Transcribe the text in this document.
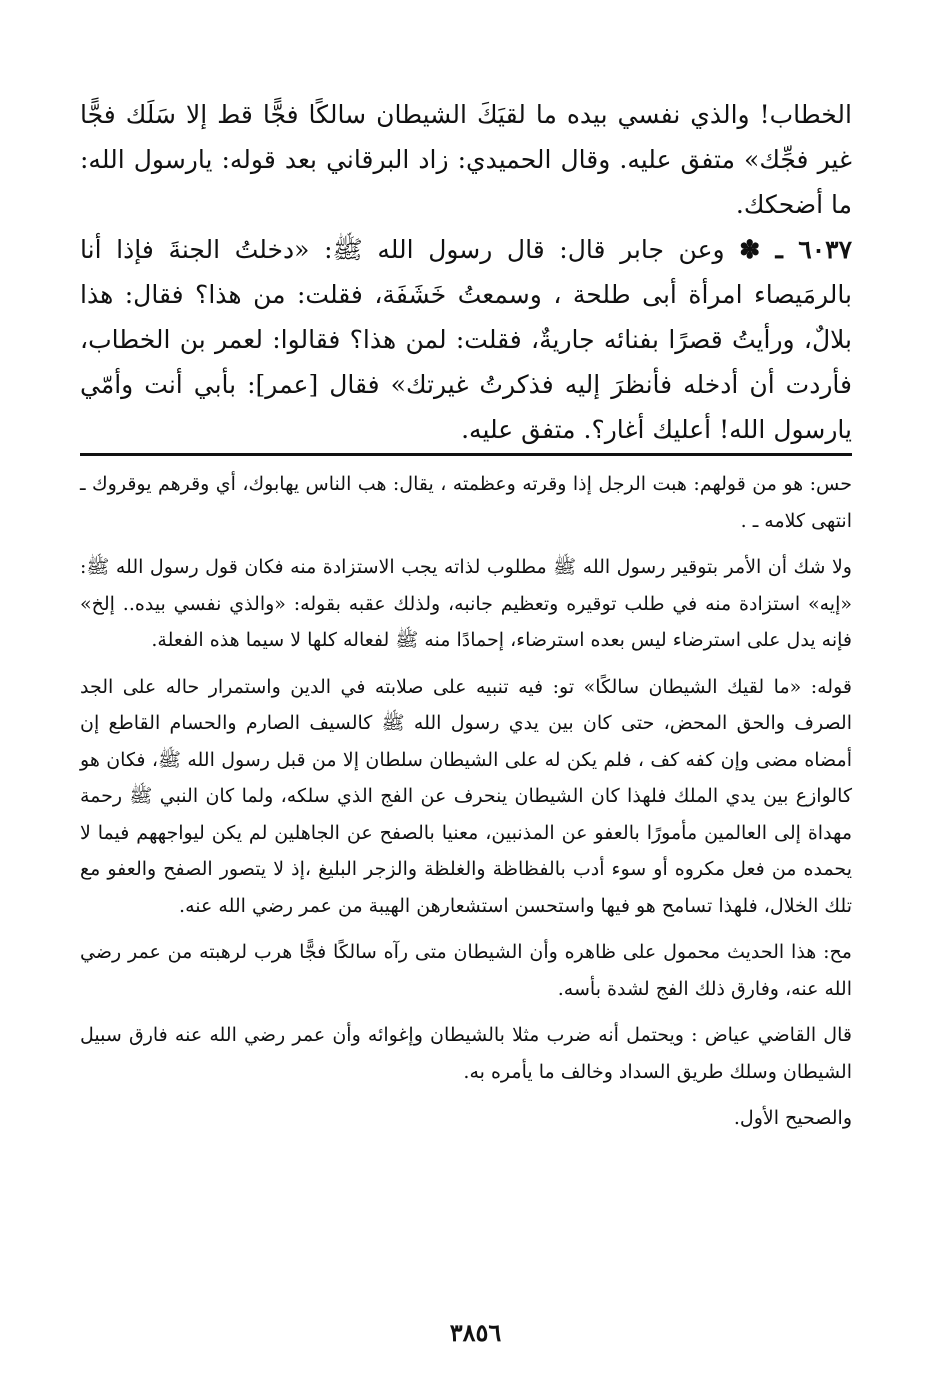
الخطاب! والذي نفسي بيده ما لقيَكَ الشيطان سالكًا فجًّا قط إلا سَلَك فجًّا غير فجِّك» متفق عليه. وقال الحميدي: زاد البرقاني بعد قوله: يارسول الله: ما أضحكك.

٦٠٣٧ ـ ✽ وعن جابر قال: قال رسول الله ﷺ: «دخلتُ الجنةَ فإذا أنا بالرمَيصاء امرأة أبى طلحة ، وسمعتُ خَشَفَة، فقلت: من هذا؟ فقال: هذا بلالٌ، ورأيتُ قصرًا بفنائه جاريةٌ، فقلت: لمن هذا؟ فقالوا: لعمر بن الخطاب، فأردت أن أدخله فأنظرَ إليه فذكرتُ غيرتك» فقال [عمر]: بأبي أنت وأمّي يارسول الله! أعليك أغار؟. متفق عليه.

حس: هو من قولهم: هبت الرجل إذا وقرته وعظمته ، يقال: هب الناس يهابوك، أي وقرهم يوقروك ـ انتهى كلامه ـ .

ولا شك أن الأمر بتوقير رسول الله ﷺ مطلوب لذاته يجب الاستزادة منه فكان قول رسول الله ﷺ: «إيه» استزادة منه في طلب توقيره وتعظيم جانبه، ولذلك عقبه بقوله: «والذي نفسي بيده.. إلخ» فإنه يدل على استرضاء ليس بعده استرضاء، إحمادًا منه ﷺ لفعاله كلها لا سيما هذه الفعلة.

قوله: «ما لقيك الشيطان سالكًا» تو: فيه تنبيه على صلابته في الدين واستمرار حاله على الجد الصرف والحق المحض، حتى كان بين يدي رسول الله ﷺ كالسيف الصارم والحسام القاطع إن أمضاه مضى وإن كفه كف ، فلم يكن له على الشيطان سلطان إلا من قبل رسول الله ﷺ، فكان هو كالوازع بين يدي الملك فلهذا كان الشيطان ينحرف عن الفج الذي سلكه، ولما كان النبي ﷺ رحمة مهداة إلى العالمين مأمورًا بالعفو عن المذنبين، معنيا بالصفح عن الجاهلين لم يكن ليواجههم فيما لا يحمده من فعل مكروه أو سوء أدب بالفظاظة والغلظة والزجر البليغ ،إذ لا يتصور الصفح والعفو مع تلك الخلال، فلهذا تسامح هو فيها واستحسن استشعارهن الهيبة من عمر رضي الله عنه.

مح: هذا الحديث محمول على ظاهره وأن الشيطان متى رآه سالكًا فجًّا هرب لرهبته من عمر رضي الله عنه، وفارق ذلك الفج لشدة بأسه.

قال القاضي عياض : ويحتمل أنه ضرب مثلا بالشيطان وإغوائه وأن عمر رضي الله عنه فارق سبيل الشيطان وسلك طريق السداد وخالف ما يأمره به.

والصحيح الأول.

٣٨٥٦
